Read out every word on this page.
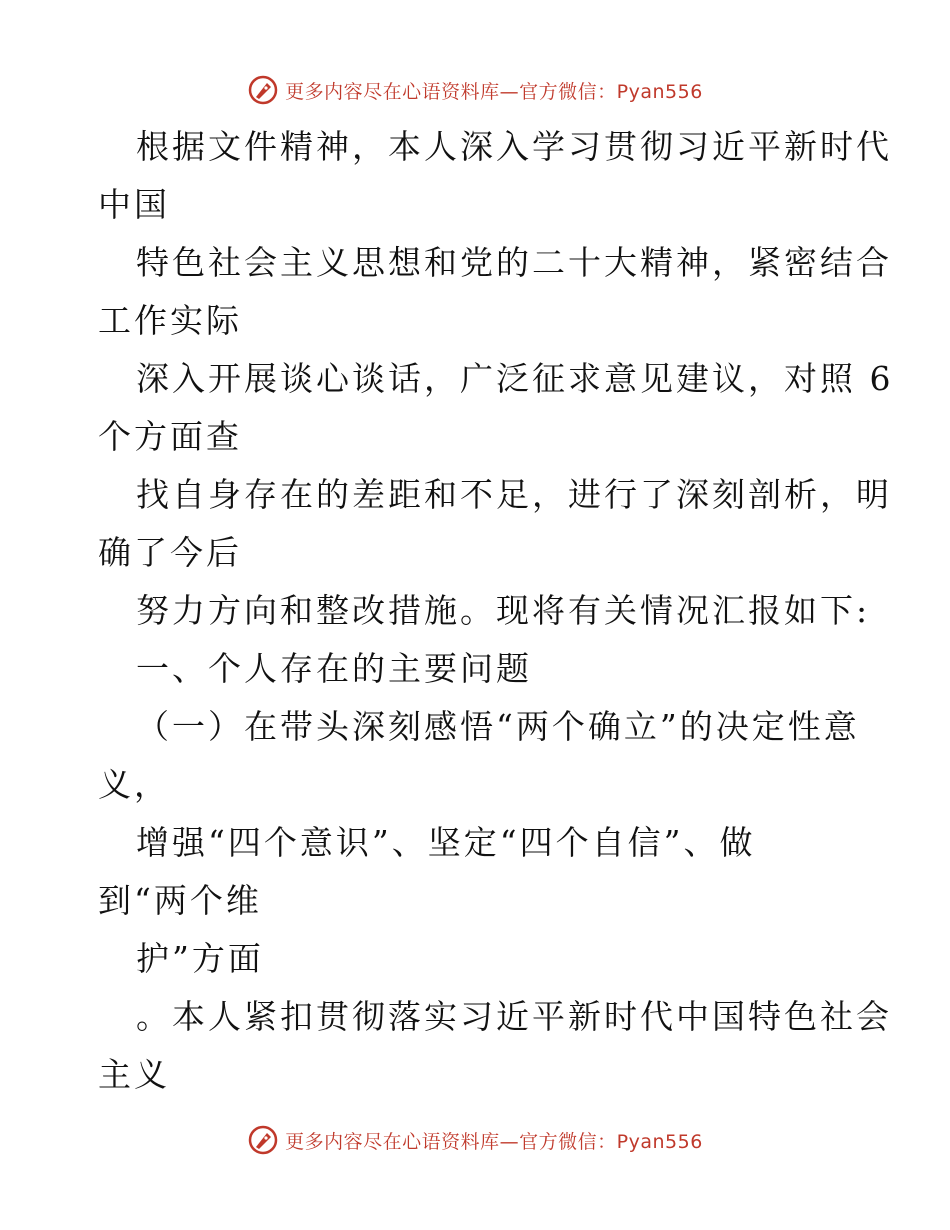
更多内容尽在心语资料库—官方微信：Pyan556
根据文件精神，本人深入学习贯彻习近平新时代
中国
特色社会主义思想和党的二十大精神，紧密结合
工作实际
深入开展谈心谈话，广泛征求意见建议，对照 6
个方面查
找自身存在的差距和不足，进行了深刻剖析，明
确了今后
努力方向和整改措施。现将有关情况汇报如下:
一、个人存在的主要问题
（一）在带头深刻感悟“两个确立”的决定性意
义，
增强“四个意识”、坚定“四个自信”、做
到“两个维
护”方面
。本人紧扣贯彻落实习近平新时代中国特色社会
主义
更多内容尽在心语资料库—官方微信：Pyan556
